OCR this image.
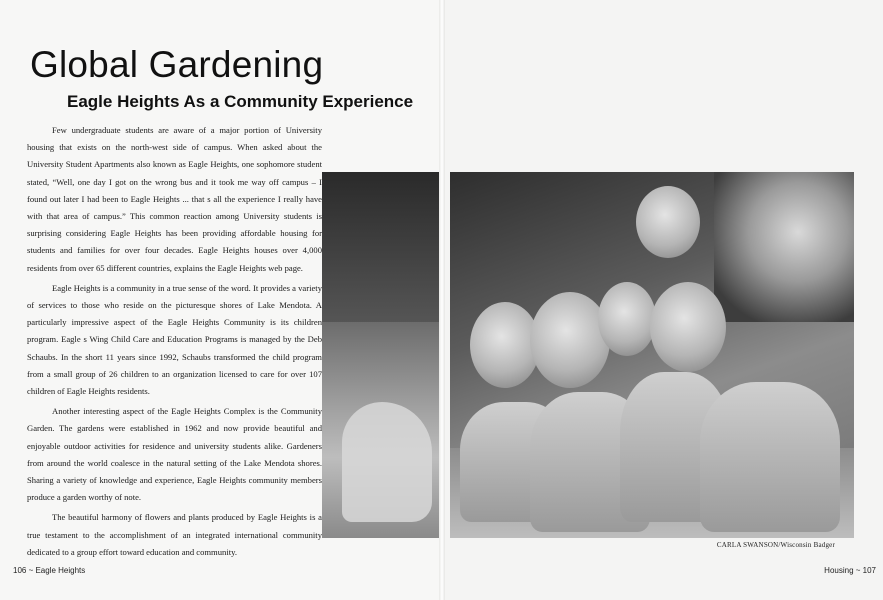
Global Gardening
Eagle Heights As a Community Experience

Few undergraduate students are aware of a major portion of University housing that exists on the north-west side of campus. When asked about the University Student Apartments also known as Eagle Heights, one sophomore student stated, “Well, one day I got on the wrong bus and it took me way off campus – I found out later I had been to Eagle Heights ... that s all the experience I really have with that area of campus.” This common reaction among University students is surprising considering Eagle Heights has been providing affordable housing for students and families for over four decades. Eagle Heights houses over 4,000 residents from over 65 different countries, explains the Eagle Heights web page.

Eagle Heights is a community in a true sense of the word. It provides a variety of services to those who reside on the picturesque shores of Lake Mendota. A particularly impressive aspect of the Eagle Heights Community is its children program. Eagle s Wing Child Care and Education Programs is managed by the Deb Schaubs. In the short 11 years since 1992, Schaubs transformed the child program from a small group of 26 children to an organization licensed to care for over 107 children of Eagle Heights residents.

Another interesting aspect of the Eagle Heights Complex is the Community Garden. The gardens were established in 1962 and now provide beautiful and enjoyable outdoor activities for residence and university students alike. Gardeners from around the world coalesce in the natural setting of the Lake Mendota shores. Sharing a variety of knowledge and experience, Eagle Heights community members produce a garden worthy of note.

The beautiful harmony of flowers and plants produced by Eagle Heights is a true testament to the accomplishment of an integrated international community dedicated to a group effort toward education and community.

CARLA SWANSON/Wisconsin Badger
106 ~ Eagle Heights	Housing ~ 107
